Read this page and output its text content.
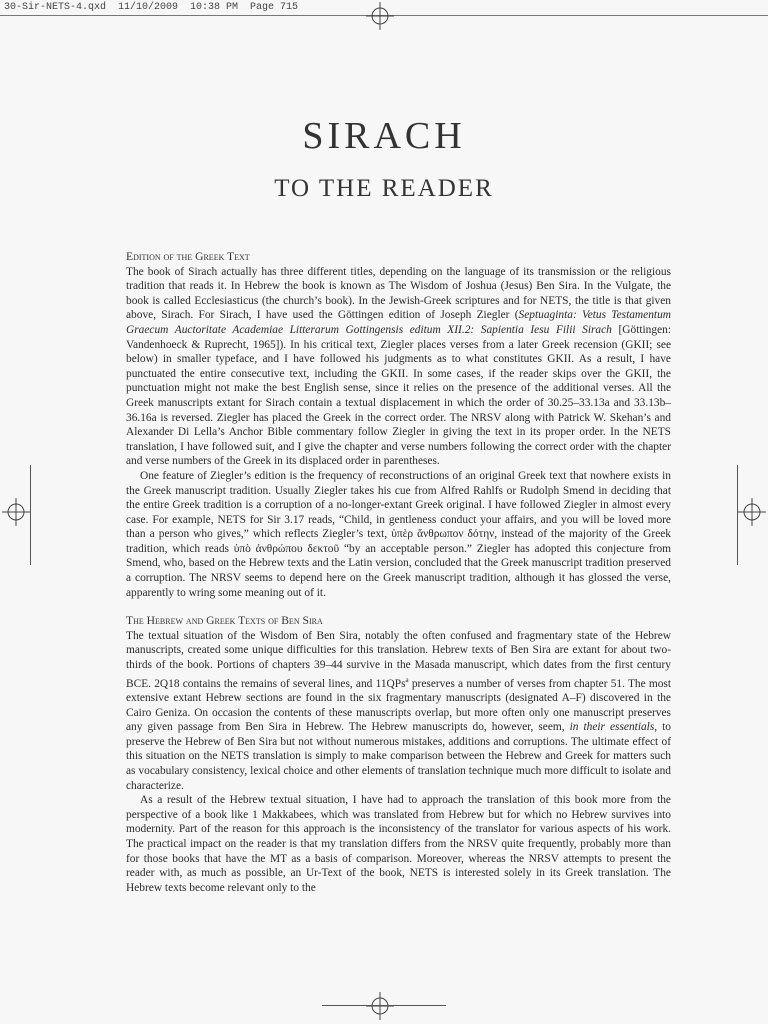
30-Sir-NETS-4.qxd  11/10/2009  10:38 PM  Page 715
SIRACH
TO THE READER

Edition of the Greek Text

The book of Sirach actually has three different titles, depending on the language of its transmission or the religious tradition that reads it. In Hebrew the book is known as The Wisdom of Joshua (Jesus) Ben Sira. In the Vulgate, the book is called Ecclesiasticus (the church’s book). In the Jewish-Greek scriptures and for NETS, the title is that given above, Sirach. For Sirach, I have used the Göttingen edition of Joseph Ziegler (Septuaginta: Vetus Testamentum Graecum Auctoritate Academiae Litterarum Gottingensis editum XII.2: Sapientia Iesu Filii Sirach [Göttingen: Vandenhoeck & Ruprecht, 1965]). In his critical text, Ziegler places verses from a later Greek recension (GKII; see below) in smaller typeface, and I have followed his judgments as to what constitutes GKII. As a result, I have punctuated the entire consecutive text, including the GKII. In some cases, if the reader skips over the GKII, the punctuation might not make the best English sense, since it relies on the presence of the additional verses. All the Greek manuscripts extant for Sirach contain a textual displacement in which the order of 30.25–33.13a and 33.13b–36.16a is reversed. Ziegler has placed the Greek in the correct order. The NRSV along with Patrick W. Skehan’s and Alexander Di Lella’s Anchor Bible commentary follow Ziegler in giving the text in its proper order. In the NETS translation, I have followed suit, and I give the chapter and verse numbers following the correct order with the chapter and verse numbers of the Greek in its displaced order in parentheses.

One feature of Ziegler’s edition is the frequency of reconstructions of an original Greek text that nowhere exists in the Greek manuscript tradition. Usually Ziegler takes his cue from Alfred Rahlfs or Rudolph Smend in deciding that the entire Greek tradition is a corruption of a no-longer-extant Greek original. I have followed Ziegler in almost every case. For example, NETS for Sir 3.17 reads, “Child, in gentleness conduct your affairs, and you will be loved more than a person who gives,” which reflects Ziegler’s text, ὑπὲρ ἄνθρωπον δότην, instead of the majority of the Greek tradition, which reads ὑπὸ ἀνθρώπου δεκτοῦ “by an acceptable person.” Ziegler has adopted this conjecture from Smend, who, based on the Hebrew texts and the Latin version, concluded that the Greek manuscript tradition preserved a corruption. The NRSV seems to depend here on the Greek manuscript tradition, although it has glossed the verse, apparently to wring some meaning out of it.

The Hebrew and Greek Texts of Ben Sira

The textual situation of the Wisdom of Ben Sira, notably the often confused and fragmentary state of the Hebrew manuscripts, created some unique difficulties for this translation. Hebrew texts of Ben Sira are extant for about two-thirds of the book. Portions of chapters 39–44 survive in the Masada manuscript, which dates from the first century BCE. 2Q18 contains the remains of several lines, and 11QPs$^a$ preserves a number of verses from chapter 51. The most extensive extant Hebrew sections are found in the six fragmentary manuscripts (designated A–F) discovered in the Cairo Geniza. On occasion the contents of these manuscripts overlap, but more often only one manuscript preserves any given passage from Ben Sira in Hebrew. The Hebrew manuscripts do, however, seem, in their essentials, to preserve the Hebrew of Ben Sira but not without numerous mistakes, additions and corruptions. The ultimate effect of this situation on the NETS translation is simply to make comparison between the Hebrew and Greek for matters such as vocabulary consistency, lexical choice and other elements of translation technique much more difficult to isolate and characterize.

As a result of the Hebrew textual situation, I have had to approach the translation of this book more from the perspective of a book like 1 Makkabees, which was translated from Hebrew but for which no Hebrew survives into modernity. Part of the reason for this approach is the inconsistency of the translator for various aspects of his work. The practical impact on the reader is that my translation differs from the NRSV quite frequently, probably more than for those books that have the MT as a basis of comparison. Moreover, whereas the NRSV attempts to present the reader with, as much as possible, an Ur-Text of the book, NETS is interested solely in its Greek translation. The Hebrew texts become relevant only to the
